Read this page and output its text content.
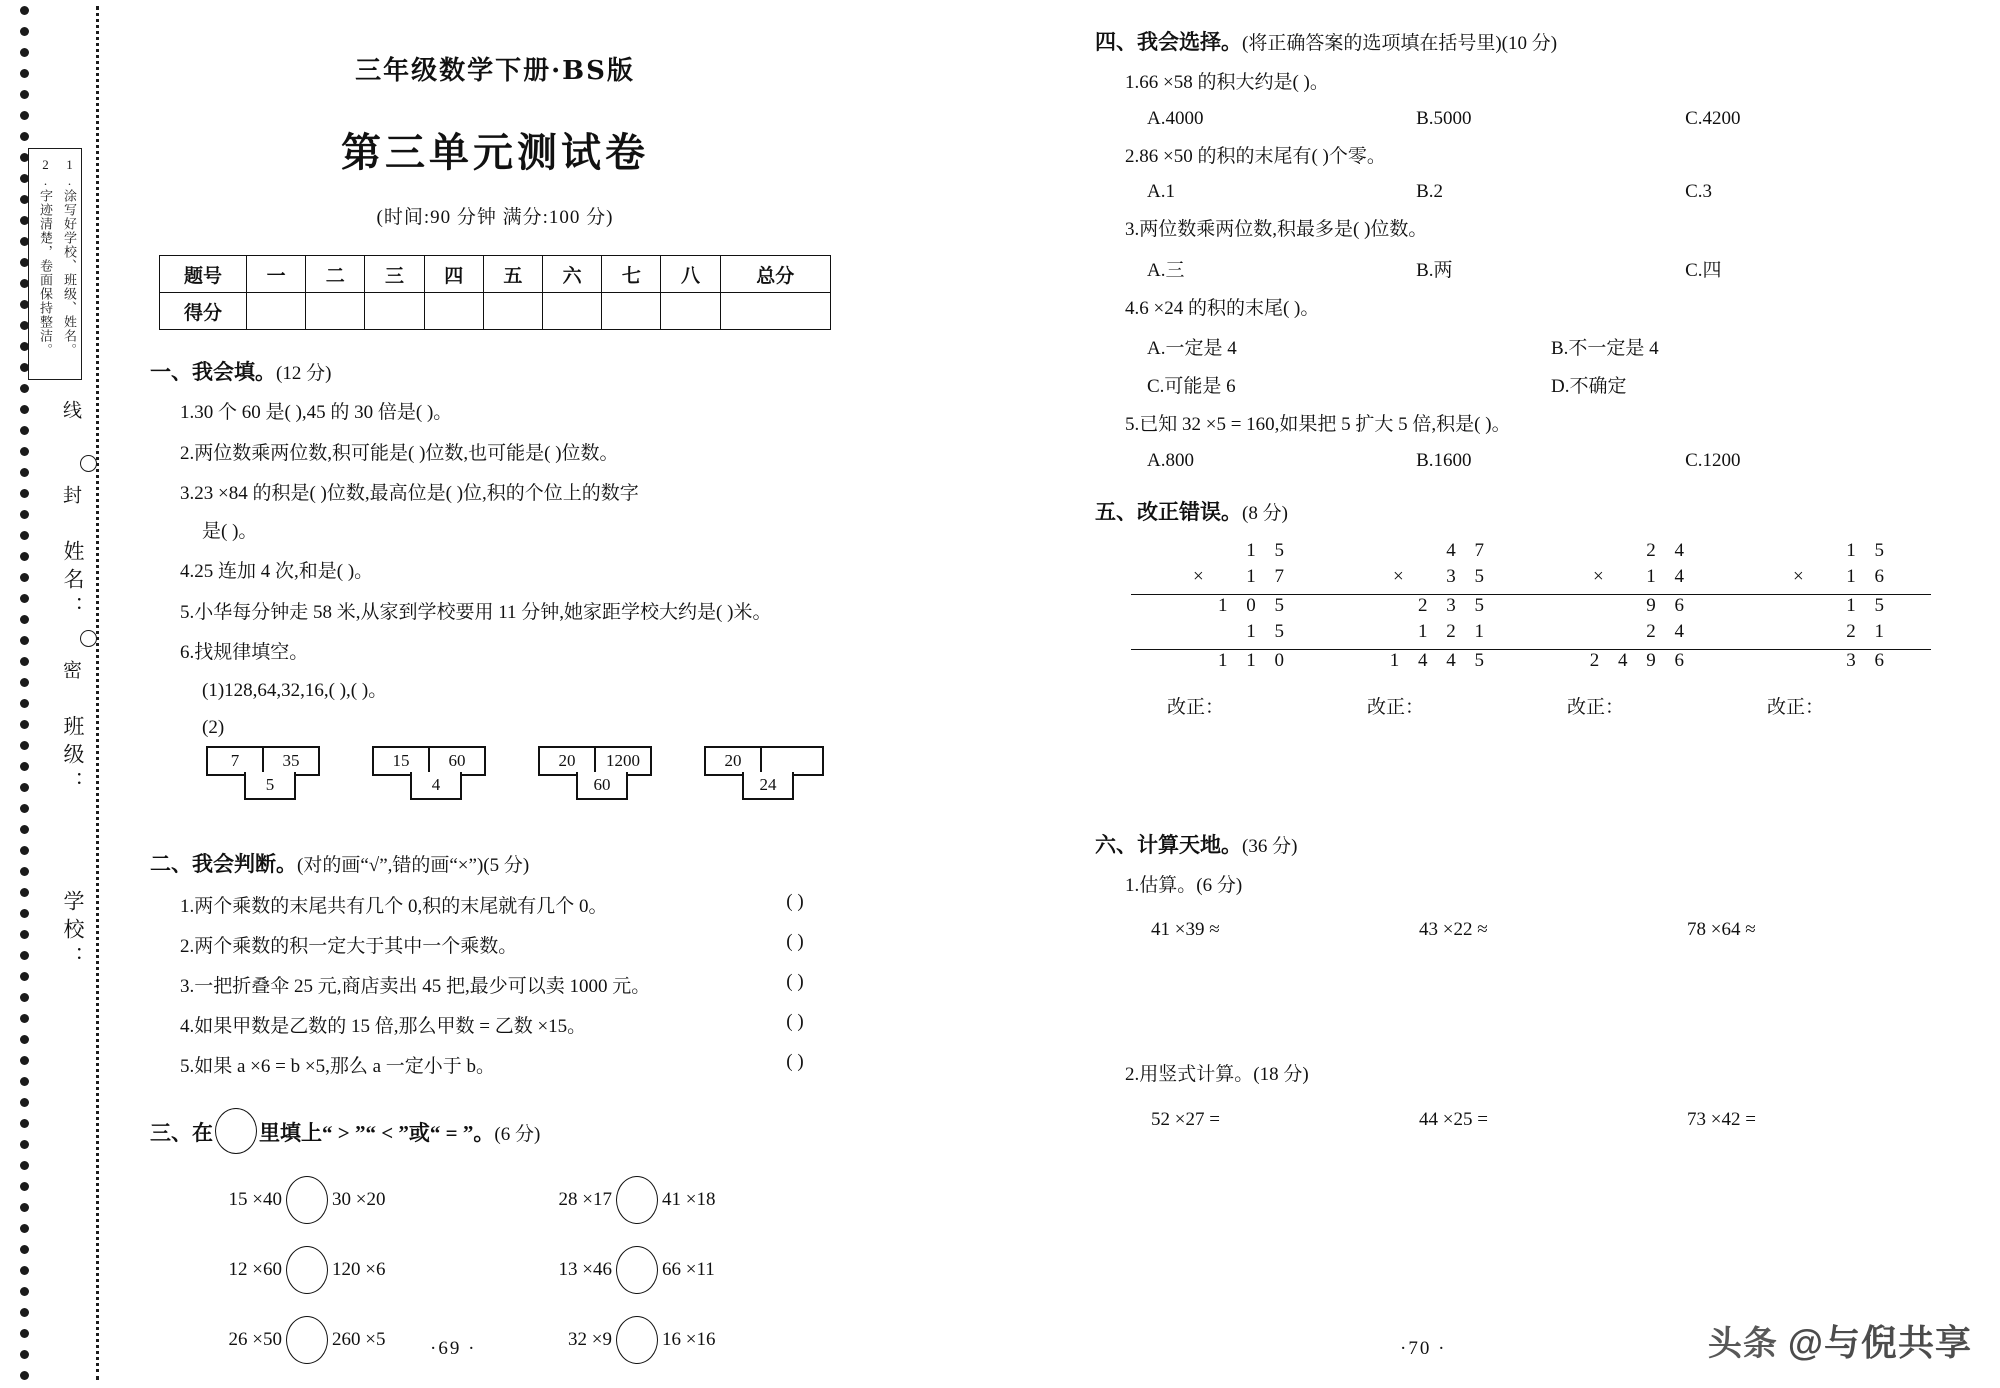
1.涂写好学校、班级、姓名。
2.字迹清楚，卷面保持整洁。
线
封
姓名：
密
班级：
学校：
三年级数学下册·BS版
第三单元测试卷
(时间:90 分钟 满分:100 分)
题号	一	二	三	四	五	六	七	八	总分
得分									
一、我会填。(12 分)
1.30 个 60 是( ),45 的 30 倍是( )。
2.两位数乘两位数,积可能是( )位数,也可能是( )位数。
3.23 ×84 的积是( )位数,最高位是( )位,积的个位上的数字
是( )。
4.25 连加 4 次,和是( )。
5.小华每分钟走 58 米,从家到学校要用 11 分钟,她家距学校大约是( )米。
6.找规律填空。
(1)128,64,32,16,( ),( )。
(2)
7	35
5
15	60
4
20	1200
60
20
24
二、我会判断。(对的画“√”,错的画“×”)(5 分)
1.两个乘数的末尾共有几个 0,积的末尾就有几个 0。	( )
2.两个乘数的积一定大于其中一个乘数。	( )
3.一把折叠伞 25 元,商店卖出 45 把,最少可以卖 1000 元。	( )
4.如果甲数是乙数的 15 倍,那么甲数 = 乙数 ×15。	( )
5.如果 a ×6 = b ×5,那么 a 一定小于 b。	( )
三、在 里填上“ > ”“ < ”或“ = ”。(6 分)
15 ×40	30 ×20	28 ×17	41 ×18
12 ×60	120 ×6	13 ×46	66 ×11
26 ×50	260 ×5	32 ×9	16 ×16
四、我会选择。(将正确答案的选项填在括号里)(10 分)
1.66 ×58 的积大约是( )。
A.4000	B.5000	C.4200
2.86 ×50 的积的末尾有( )个零。
A.1	B.2	C.3
3.两位数乘两位数,积最多是( )位数。
A.三	B.两	C.四
4.6 ×24 的积的末尾( )。
A.一定是 4	B.不一定是 4
C.可能是 6	D.不确定
5.已知 32 ×5 = 160,如果把 5 扩大 5 倍,积是( )。
A.800	B.1600	C.1200
五、改正错误。(8 分)
1 5
× 1 7
1 0 5
1 5
1 1 0
改正：
4 7
× 3 5
2 3 5
1 2 1
1 4 4 5
改正：
2 4
× 1 4
9 6
2 4
2 4 9 6
改正：
1 5
× 1 6
1 5
2 1
3 6
改正：
六、计算天地。(36 分)
1.估算。(6 分)
41 ×39 ≈	43 ×22 ≈	78 ×64 ≈
2.用竖式计算。(18 分)
52 ×27 =	44 ×25 =	73 ×42 =
·69 ·	·70 ·	头条 @与倪共享
